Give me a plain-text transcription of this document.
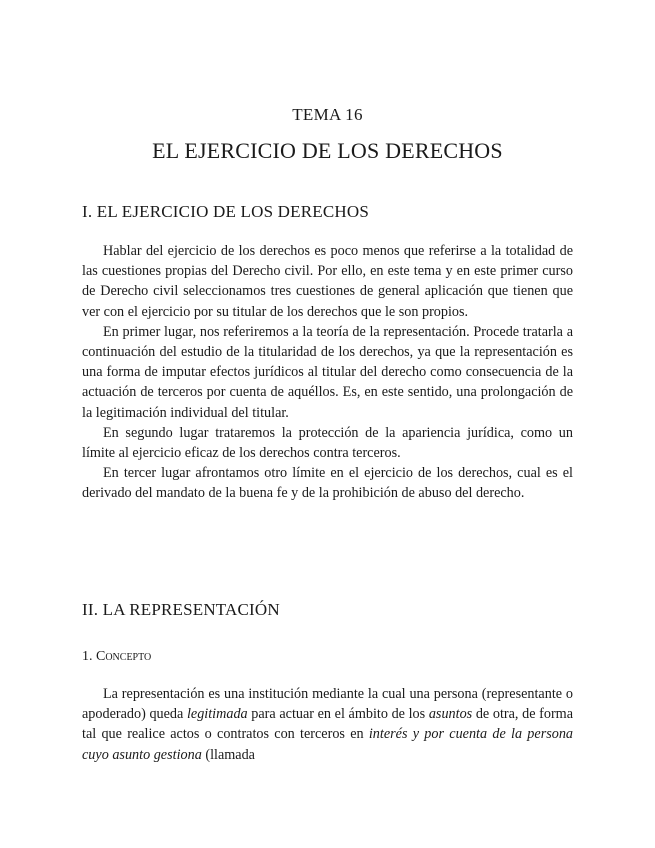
TEMA 16
EL EJERCICIO DE LOS DERECHOS
I. EL EJERCICIO DE LOS DERECHOS

Hablar del ejercicio de los derechos es poco menos que referirse a la totalidad de las cuestiones propias del Derecho civil. Por ello, en este tema y en este primer curso de Derecho civil seleccionamos tres cuestiones de general aplicación que tienen que ver con el ejercicio por su titular de los derechos que le son propios.

En primer lugar, nos referiremos a la teoría de la representación. Procede tratarla a continuación del estudio de la titularidad de los derechos, ya que la representación es una forma de imputar efectos jurídicos al titular del derecho como consecuencia de la actuación de terceros por cuenta de aquéllos. Es, en este sentido, una prolongación de la legitimación individual del titular.

En segundo lugar trataremos la protección de la apariencia jurídica, como un límite al ejercicio eficaz de los derechos contra terceros.

En tercer lugar afrontamos otro límite en el ejercicio de los derechos, cual es el derivado del mandato de la buena fe y de la prohibición de abuso del derecho.

II. LA REPRESENTACIÓN
1. Concepto

La representación es una institución mediante la cual una persona (representante o apoderado) queda legitimada para actuar en el ámbito de los asuntos de otra, de forma tal que realice actos o contratos con terceros en interés y por cuenta de la persona cuyo asunto gestiona (llamada
